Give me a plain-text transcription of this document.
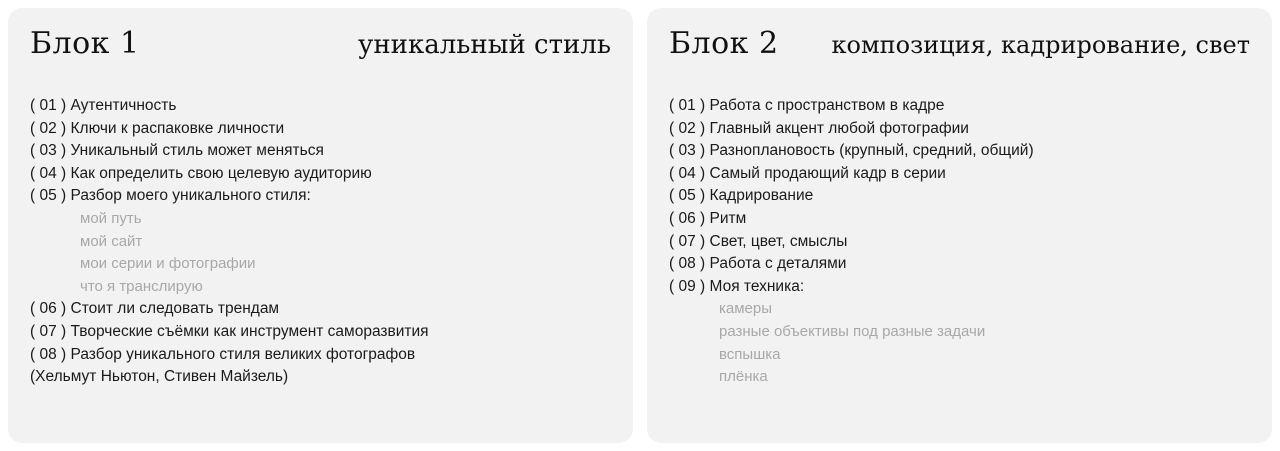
Блок 1	уникальный стиль
( 01 ) Аутентичность
( 02 ) Ключи к распаковке личности
( 03 ) Уникальный стиль может меняться
( 04 ) Как определить свою целевую аудиторию
( 05 ) Разбор моего уникального стиля:
мой путь
мой сайт
мои серии и фотографии
что я транслирую
( 06 ) Стоит ли следовать трендам
( 07 ) Творческие съёмки как инструмент саморазвития
( 08 ) Разбор уникального стиля великих фотографов
(Хельмут Ньютон, Стивен Майзель)
Блок 2 композиция, кадрирование, свет
( 01 ) Работа с пространством в кадре
( 02 ) Главный акцент любой фотографии
( 03 ) Разноплановость (крупный, средний, общий)
( 04 ) Самый продающий кадр в серии
( 05 ) Кадрирование
( 06 ) Ритм
( 07 ) Свет, цвет, смыслы
( 08 ) Работа с деталями
( 09 ) Моя техника:
камеры
разные объективы под разные задачи
вспышка
плёнка
